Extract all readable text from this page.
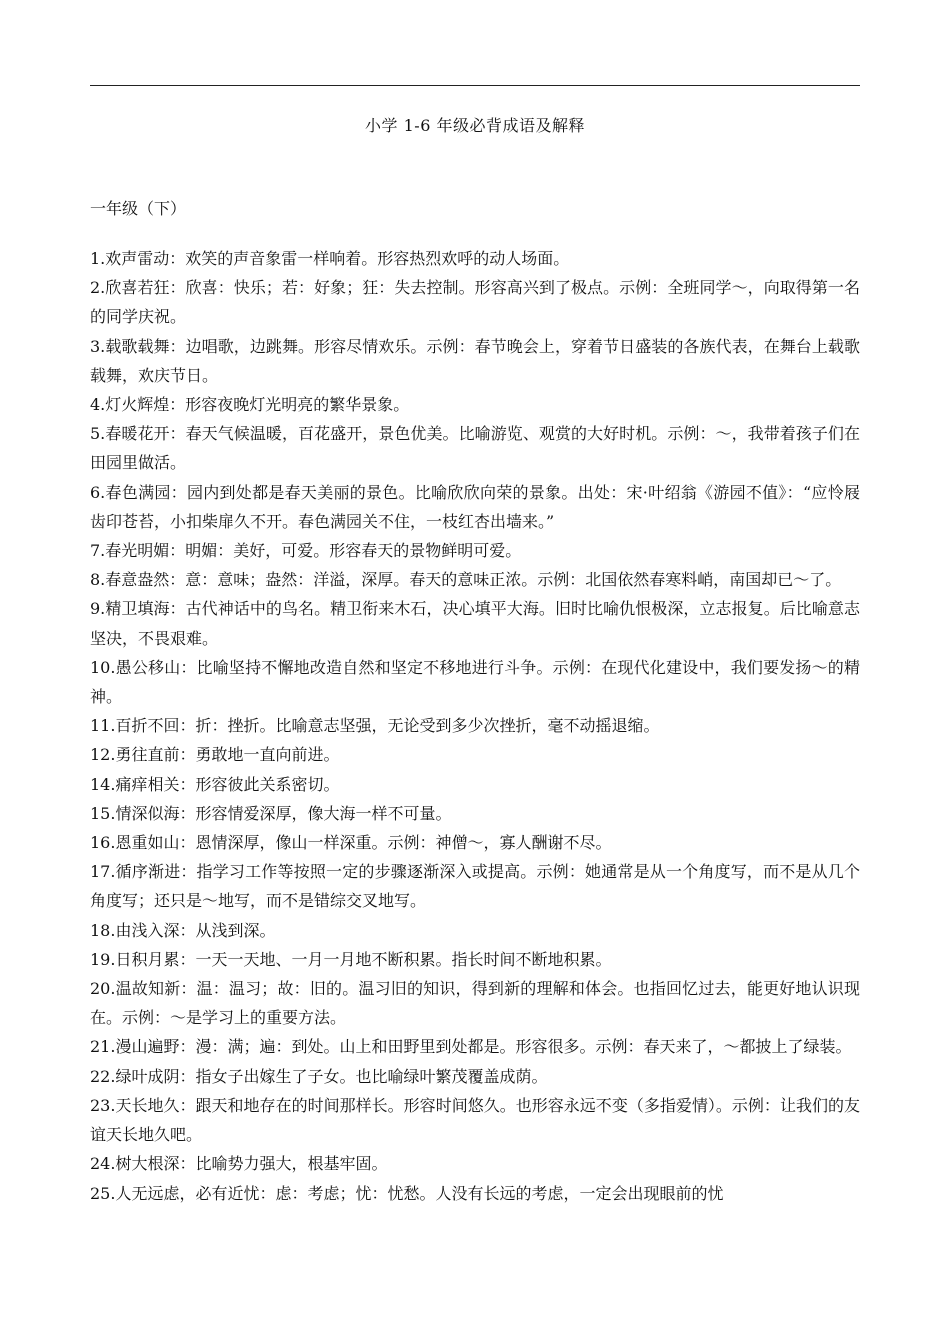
小学 1-6 年级必背成语及解释
一年级（下）
1.欢声雷动：欢笑的声音象雷一样响着。形容热烈欢呼的动人场面。
2.欣喜若狂：欣喜：快乐；若：好象；狂：失去控制。形容高兴到了极点。示例：全班同学～，向取得第一名的同学庆祝。
3.载歌载舞：边唱歌，边跳舞。形容尽情欢乐。示例：春节晚会上，穿着节日盛装的各族代表，在舞台上载歌载舞，欢庆节日。
4.灯火辉煌：形容夜晚灯光明亮的繁华景象。
5.春暖花开：春天气候温暖，百花盛开，景色优美。比喻游览、观赏的大好时机。示例：～，我带着孩子们在田园里做活。
6.春色满园：园内到处都是春天美丽的景色。比喻欣欣向荣的景象。出处：宋·叶绍翁《游园不值》：“应怜屐齿印苍苔，小扣柴扉久不开。春色满园关不住，一枝红杏出墙来。”
7.春光明媚：明媚：美好，可爱。形容春天的景物鲜明可爱。
8.春意盎然：意：意味；盎然：洋溢，深厚。春天的意味正浓。示例：北国依然春寒料峭，南国却已～了。
9.精卫填海：古代神话中的鸟名。精卫衔来木石，决心填平大海。旧时比喻仇恨极深，立志报复。后比喻意志坚决，不畏艰难。
10.愚公移山：比喻坚持不懈地改造自然和坚定不移地进行斗争。示例：在现代化建设中，我们要发扬～的精神。
11.百折不回：折：挫折。比喻意志坚强，无论受到多少次挫折，毫不动摇退缩。
12.勇往直前：勇敢地一直向前进。
14.痛痒相关：形容彼此关系密切。
15.情深似海：形容情爱深厚，像大海一样不可量。
16.恩重如山：恩情深厚，像山一样深重。示例：神僧～，寡人酬谢不尽。
17.循序渐进：指学习工作等按照一定的步骤逐渐深入或提高。示例：她通常是从一个角度写，而不是从几个角度写；还只是～地写，而不是错综交叉地写。
18.由浅入深：从浅到深。
19.日积月累：一天一天地、一月一月地不断积累。指长时间不断地积累。
20.温故知新：温：温习；故：旧的。温习旧的知识，得到新的理解和体会。也指回忆过去，能更好地认识现在。示例：～是学习上的重要方法。
21.漫山遍野：漫：满；遍：到处。山上和田野里到处都是。形容很多。示例：春天来了，～都披上了绿装。
22.绿叶成阴：指女子出嫁生了子女。也比喻绿叶繁茂覆盖成荫。
23.天长地久：跟天和地存在的时间那样长。形容时间悠久。也形容永远不变（多指爱情）。示例：让我们的友谊天长地久吧。
24.树大根深：比喻势力强大，根基牢固。
25.人无远虑，必有近忧：虑：考虑；忧：忧愁。人没有长远的考虑，一定会出现眼前的忧
